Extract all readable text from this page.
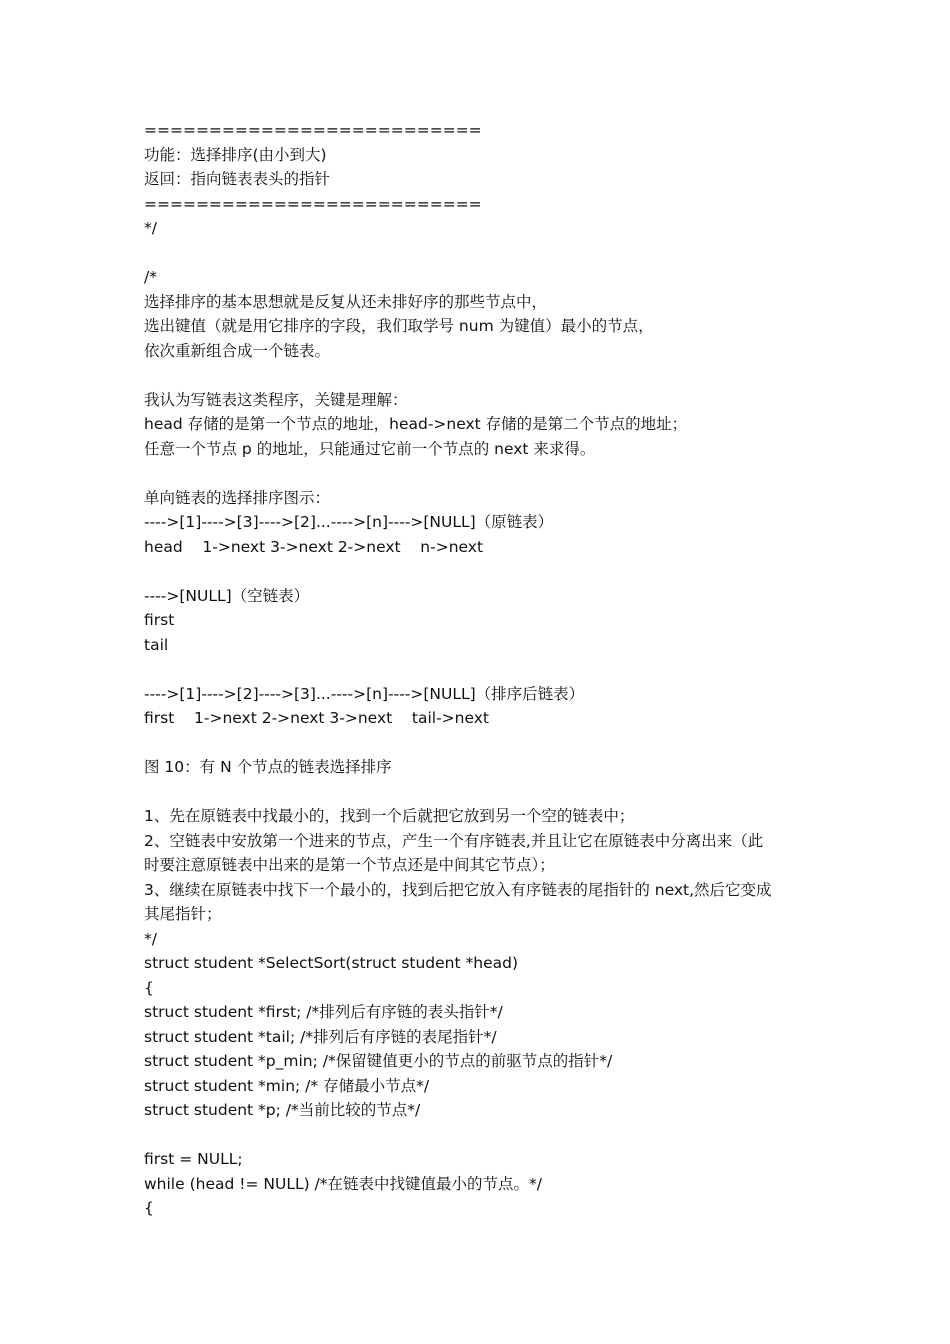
==========================
功能：选择排序(由小到大)
返回：指向链表表头的指针
==========================
*/
/*
选择排序的基本思想就是反复从还未排好序的那些节点中，
选出键值（就是用它排序的字段，我们取学号 num 为键值）最小的节点，
依次重新组合成一个链表。
我认为写链表这类程序，关键是理解：
head 存储的是第一个节点的地址，head->next 存储的是第二个节点的地址；
任意一个节点 p 的地址，只能通过它前一个节点的 next 来求得。
单向链表的选择排序图示：
---->[1]---->[3]---->[2]...---->[n]---->[NULL]（原链表）
head    1->next 3->next 2->next    n->next
---->[NULL]（空链表）
first
tail
---->[1]---->[2]---->[3]...---->[n]---->[NULL]（排序后链表）
first    1->next 2->next 3->next    tail->next
图 10：有 N 个节点的链表选择排序
1、先在原链表中找最小的，找到一个后就把它放到另一个空的链表中；
2、空链表中安放第一个进来的节点，产生一个有序链表,并且让它在原链表中分离出来（此
时要注意原链表中出来的是第一个节点还是中间其它节点）；
3、继续在原链表中找下一个最小的，找到后把它放入有序链表的尾指针的 next,然后它变成
其尾指针；
*/
struct student *SelectSort(struct student *head)
{
struct student *first; /*排列后有序链的表头指针*/
struct student *tail; /*排列后有序链的表尾指针*/
struct student *p_min; /*保留键值更小的节点的前驱节点的指针*/
struct student *min; /* 存储最小节点*/
struct student *p; /*当前比较的节点*/
first = NULL;
while (head != NULL) /*在链表中找键值最小的节点。*/
{
